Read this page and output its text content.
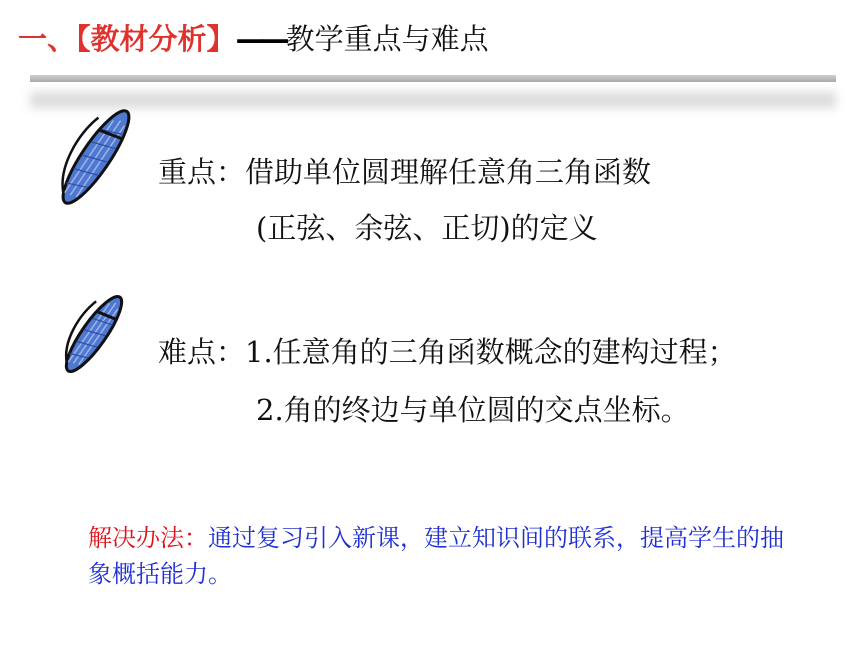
一、【教材分析】——教学重点与难点
重点：借助单位圆理解任意角三角函数
(正弦、余弦、正切)的定义
难点：1.任意角的三角函数概念的建构过程；
2.角的终边与单位圆的交点坐标。
解决办法：通过复习引入新课，建立知识间的联系，提高学生的抽象概括能力。
